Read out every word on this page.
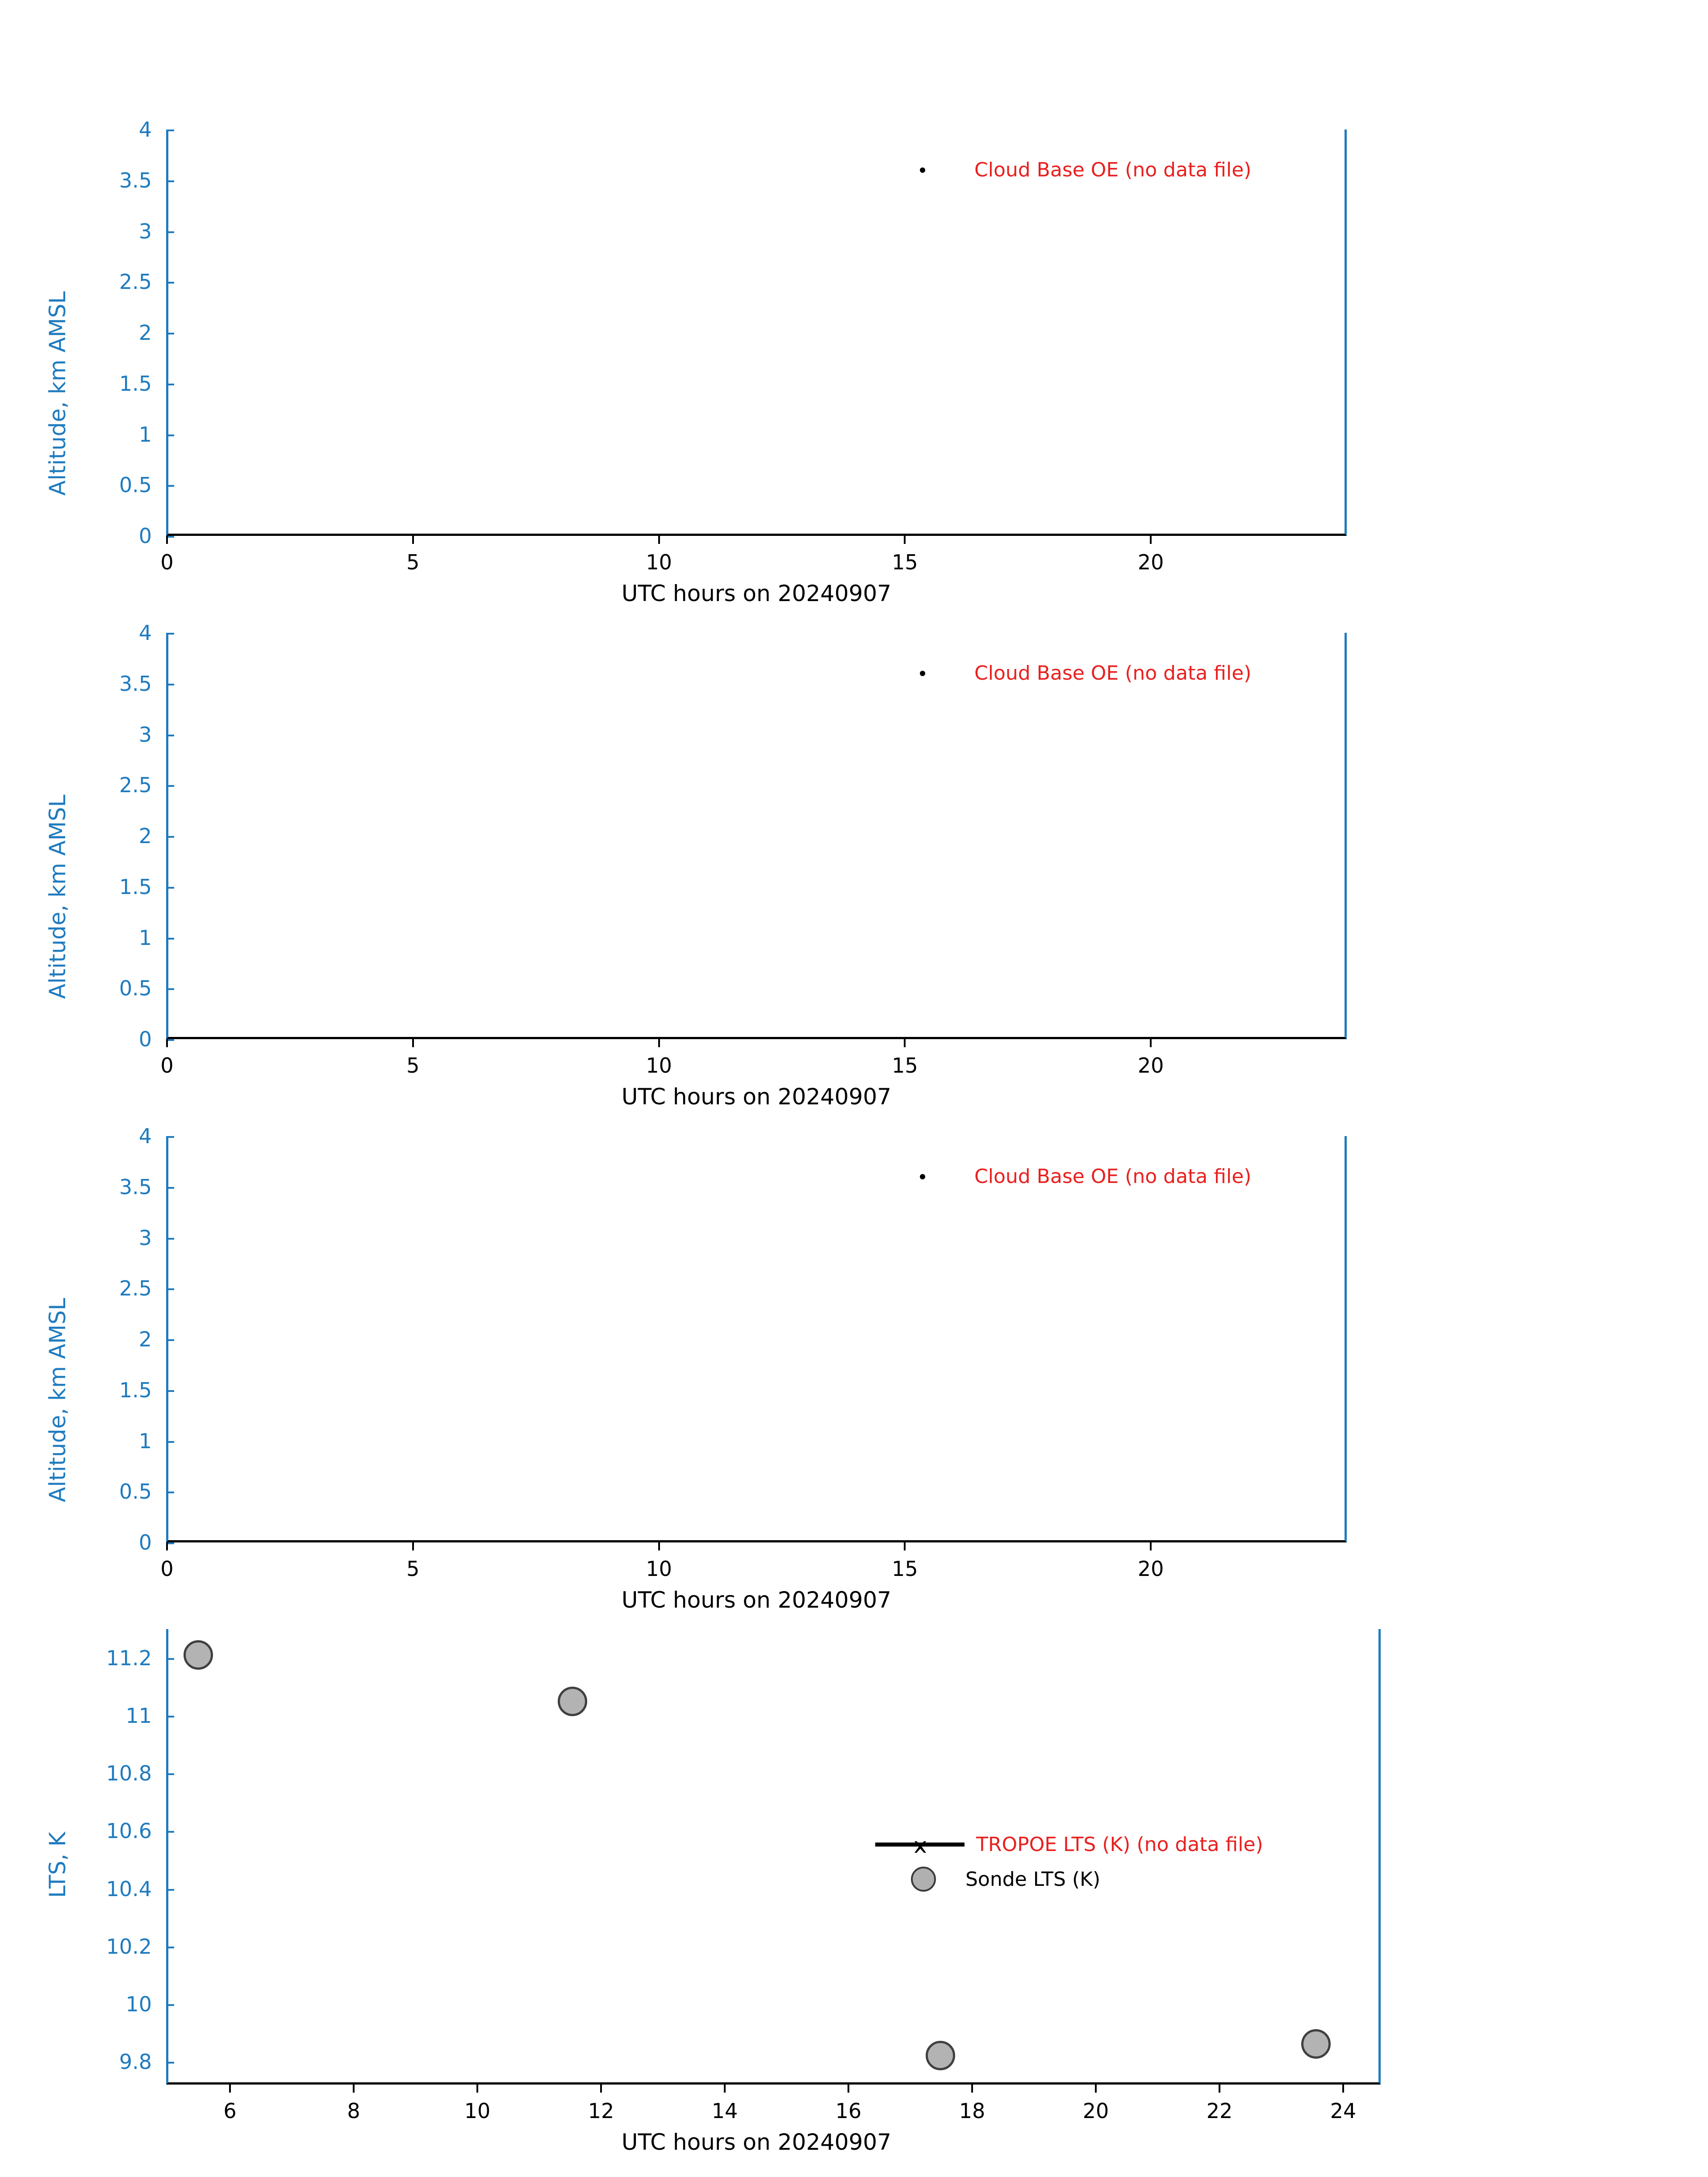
0
0.5
1
1.5
2
2.5
3
3.5
4
0	5	10	15	20
Altitude, km AMSL
UTC hours on 20240907
Cloud Base OE (no data file)
0
0.5
1
1.5
2
2.5
3
3.5
4
0	5	10	15	20
Altitude, km AMSL
UTC hours on 20240907
Cloud Base OE (no data file)
0
0.5
1
1.5
2
2.5
3
3.5
4
0	5	10	15	20
Altitude, km AMSL
UTC hours on 20240907
Cloud Base OE (no data file)
9.8
10
10.2
10.4
10.6
10.8
11
11.2
6	8	10	12	14	16	18	20	22	24
LTS, K
UTC hours on 20240907
TROPOE LTS (K) (no data file)
Sonde LTS (K)
